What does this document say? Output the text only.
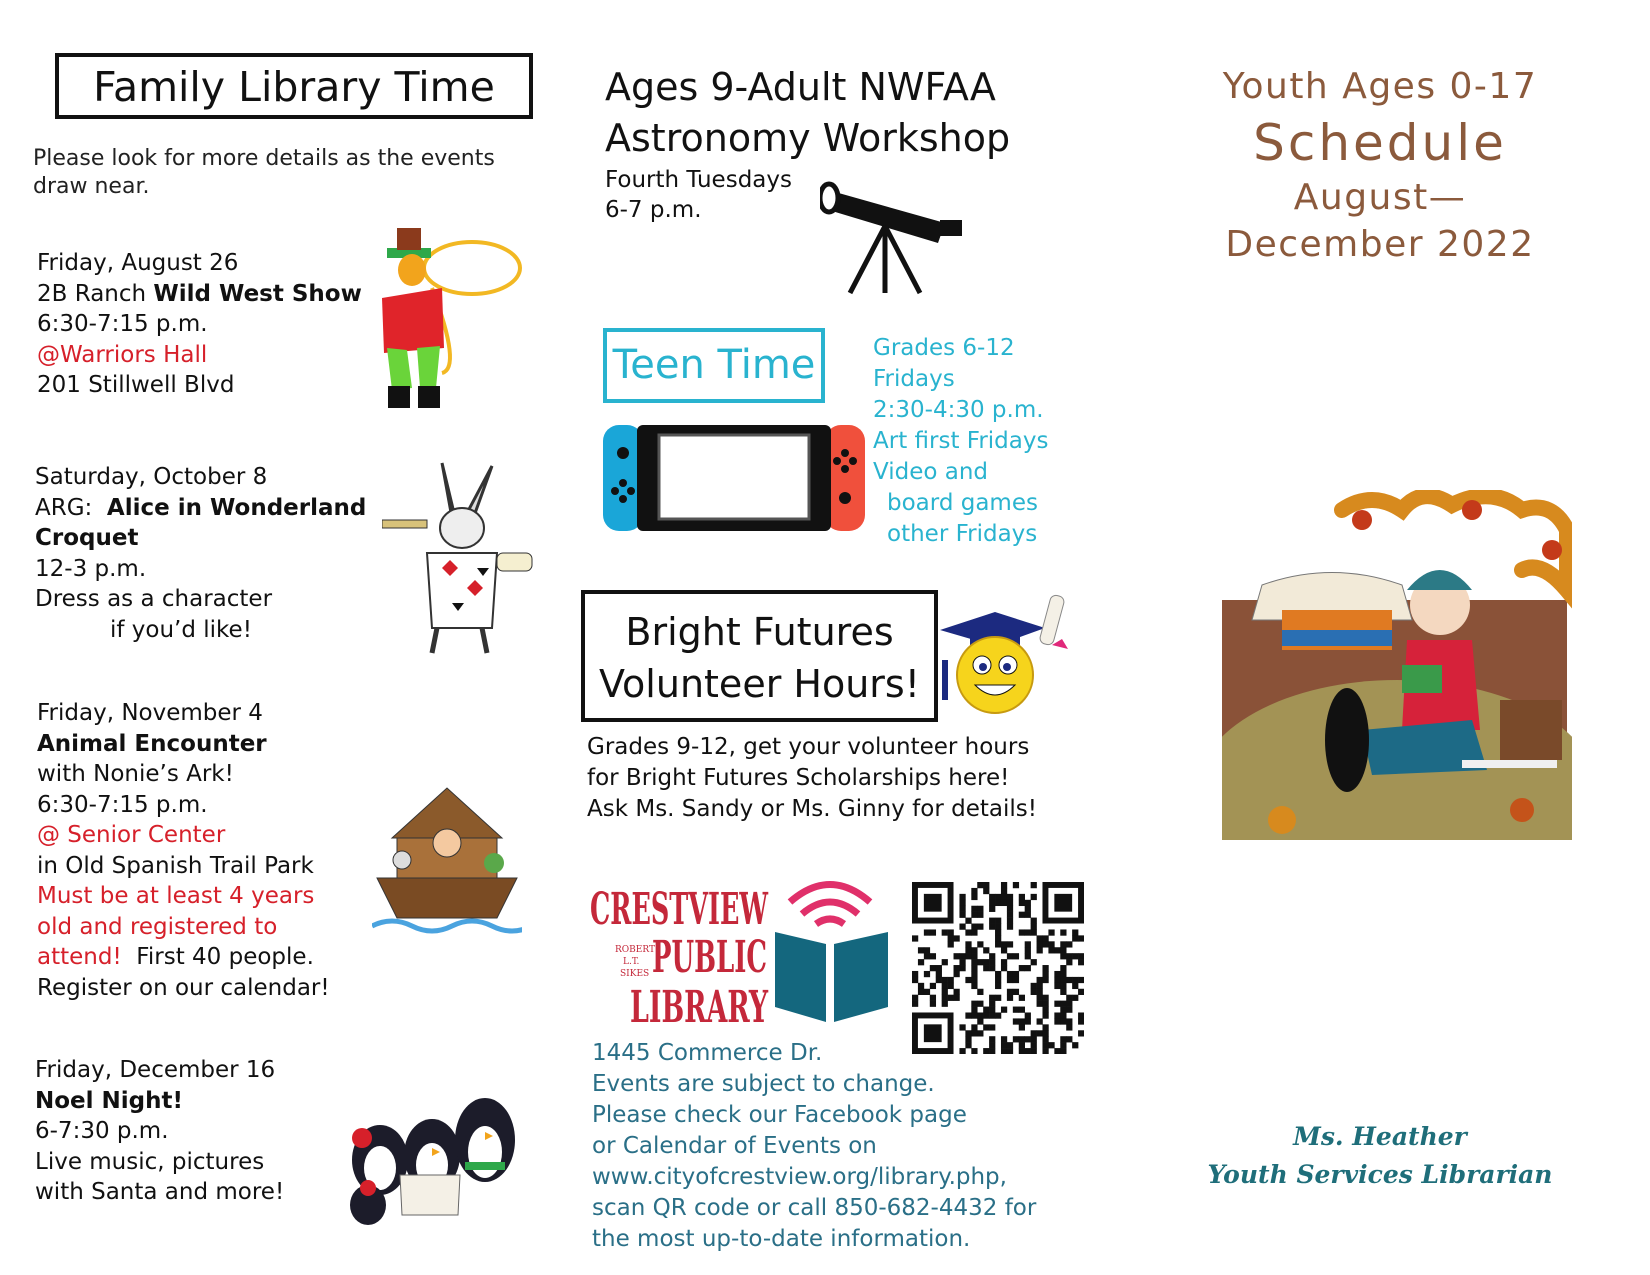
Family Library Time
Please look for more details as the events
draw near.
Friday, August 26
2B Ranch Wild West Show
6:30-7:15 p.m.
@Warriors Hall
201 Stillwell Blvd
Saturday, October 8
ARG:  Alice in Wonderland
Croquet
12-3 p.m.
Dress as a character
if you’d like!
Friday, November 4
Animal Encounter
with Nonie’s Ark!
6:30-7:15 p.m.
@ Senior Center
in Old Spanish Trail Park
Must be at least 4 years
old and registered to
attend!  First 40 people.
Register on our calendar!
Friday, December 16
Noel Night!
6-7:30 p.m.
Live music, pictures
with Santa and more!
Ages 9-Adult NWFAA
Astronomy Workshop
Fourth Tuesdays
6-7 p.m.
Teen Time	Grades 6-12
Fridays
2:30-4:30 p.m.
Art first Fridays
Video and
board games
other Fridays
Bright Futures
Volunteer Hours!
Grades 9-12, get your volunteer hours
for Bright Futures Scholarships here!
Ask Ms. Sandy or Ms. Ginny for details!
CRESTVIEW
PUBLIC
LIBRARY
ROBERT
L.T.
SIKES
1445 Commerce Dr.
Events are subject to change.
Please check our Facebook page
or Calendar of Events on
www.cityofcrestview.org/library.php,
scan QR code or call 850-682-4432 for
the most up-to-date information.
Youth Ages 0-17
Schedule
August—
December 2022
Ms. Heather
Youth Services Librarian
